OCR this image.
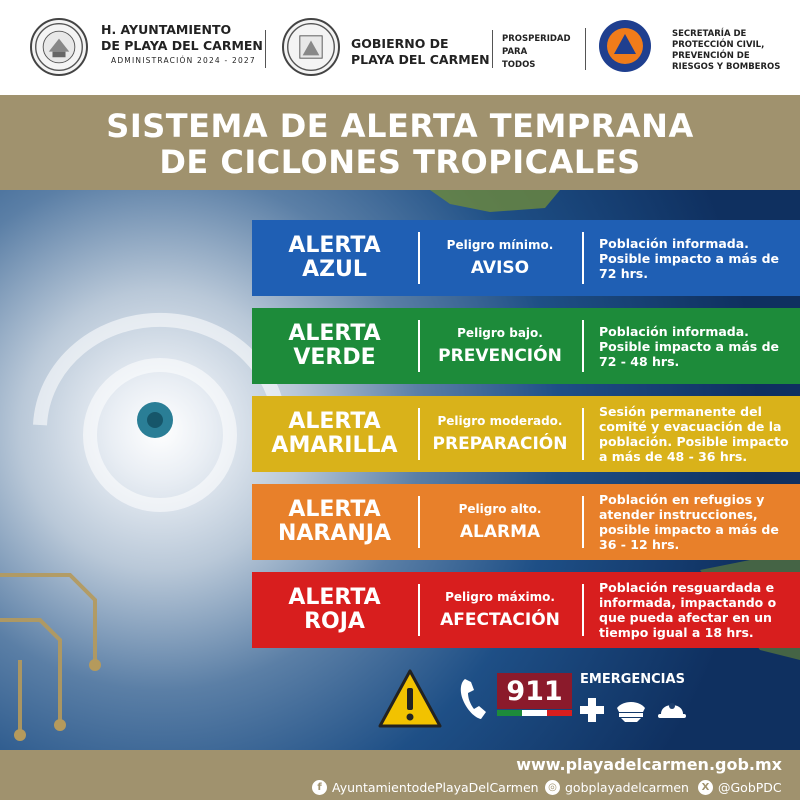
H. AYUNTAMIENTO
DE PLAYA DEL CARMEN
ADMINISTRACIÓN 2024 - 2027
GOBIERNO DE
PLAYA DEL CARMEN
PROSPERIDAD
PARA
TODOS
SECRETARÍA DE
PROTECCIÓN CIVIL,
PREVENCIÓN DE
RIESGOS Y BOMBEROS
SISTEMA DE ALERTA TEMPRANA
DE CICLONES TROPICALES
ALERTA
AZUL
Peligro mínimo.
AVISO
Población informada. Posible impacto a más de 72 hrs.
ALERTA
VERDE
Peligro bajo.
PREVENCIÓN
Población informada. Posible impacto a más de 72 - 48 hrs.
ALERTA
AMARILLA
Peligro moderado.
PREPARACIÓN
Sesión permanente del comité y evacuación de la población. Posible impacto a más de 48 - 36 hrs.
ALERTA
NARANJA
Peligro alto.
ALARMA
Población en refugios y atender instrucciones, posible impacto a más de 36 - 12 hrs.
ALERTA
ROJA
Peligro máximo.
AFECTACIÓN
Población resguardada e informada, impactando o que pueda afectar en un tiempo igual a 18 hrs.
911	EMERGENCIAS
www.playadelcarmen.gob.mx
f AyuntamientodePlayaDelCarmen ◎ gobplayadelcarmen	X @GobPDC
